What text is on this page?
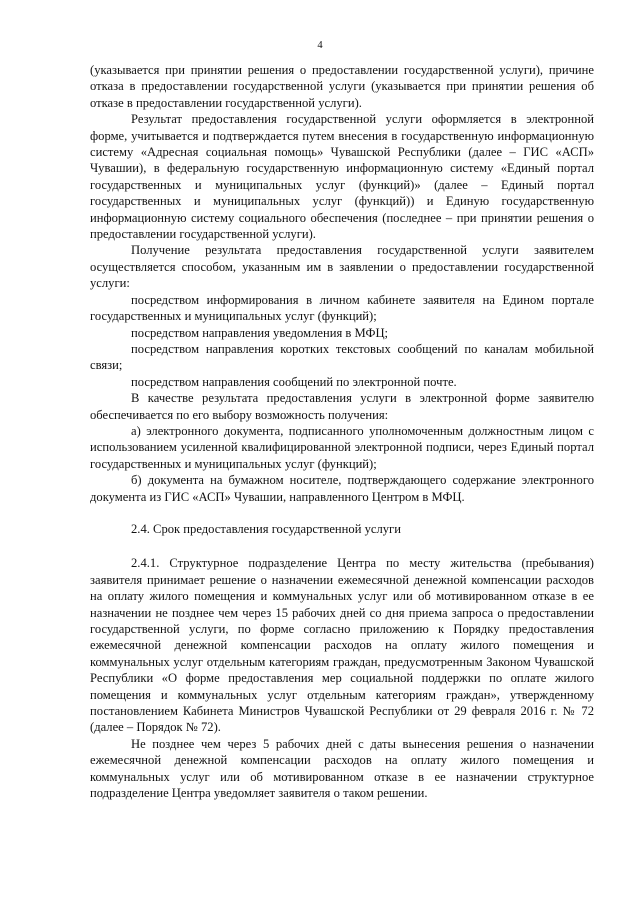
4

(указывается при принятии решения о предоставлении государственной услуги), причине отказа в предоставлении государственной услуги (указывается при принятии решения об отказе в предоставлении государственной услуги).

Результат предоставления государственной услуги оформляется в электронной форме, учитывается и подтверждается путем внесения в государственную информационную систему «Адресная социальная помощь» Чувашской Республики (далее – ГИС «АСП» Чувашии), в федеральную государственную информационную систему «Единый портал государственных и муниципальных услуг (функций)» (далее – Единый портал государственных и муниципальных услуг (функций)) и Единую государственную информационную систему социального обеспечения (последнее – при принятии решения о предоставлении государственной услуги).

Получение результата предоставления государственной услуги заявителем осуществляется способом, указанным им в заявлении о предоставлении государственной услуги:

посредством информирования в личном кабинете заявителя на Едином портале государственных и муниципальных услуг (функций);

посредством направления уведомления в МФЦ;

посредством направления коротких текстовых сообщений по каналам мобильной связи;

посредством направления сообщений по электронной почте.

В качестве результата предоставления услуги в электронной форме заявителю обеспечивается по его выбору возможность получения:

а) электронного документа, подписанного уполномоченным должностным лицом с использованием усиленной квалифицированной электронной подписи, через Единый портал государственных и муниципальных услуг (функций);

б) документа на бумажном носителе, подтверждающего содержание электронного документа из ГИС «АСП» Чувашии, направленного Центром в МФЦ.

2.4. Срок предоставления государственной услуги

2.4.1. Структурное подразделение Центра по месту жительства (пребывания) заявителя принимает решение о назначении ежемесячной денежной компенсации расходов на оплату жилого помещения и коммунальных услуг или об мотивированном отказе в ее назначении не позднее чем через 15 рабочих дней со дня приема запроса о предоставлении государственной услуги, по форме согласно приложению к Порядку предоставления ежемесячной денежной компенсации расходов на оплату жилого помещения и коммунальных услуг отдельным категориям граждан, предусмотренным Законом Чувашской Республики «О форме предоставления мер социальной поддержки по оплате жилого помещения и коммунальных услуг отдельным категориям граждан», утвержденному постановлением Кабинета Министров Чувашской Республики от 29 февраля 2016 г. № 72 (далее – Порядок № 72).

Не позднее чем через 5 рабочих дней с даты вынесения решения о назначении ежемесячной денежной компенсации расходов на оплату жилого помещения и коммунальных услуг или об мотивированном отказе в ее назначении структурное подразделение Центра уведомляет заявителя о таком решении.
